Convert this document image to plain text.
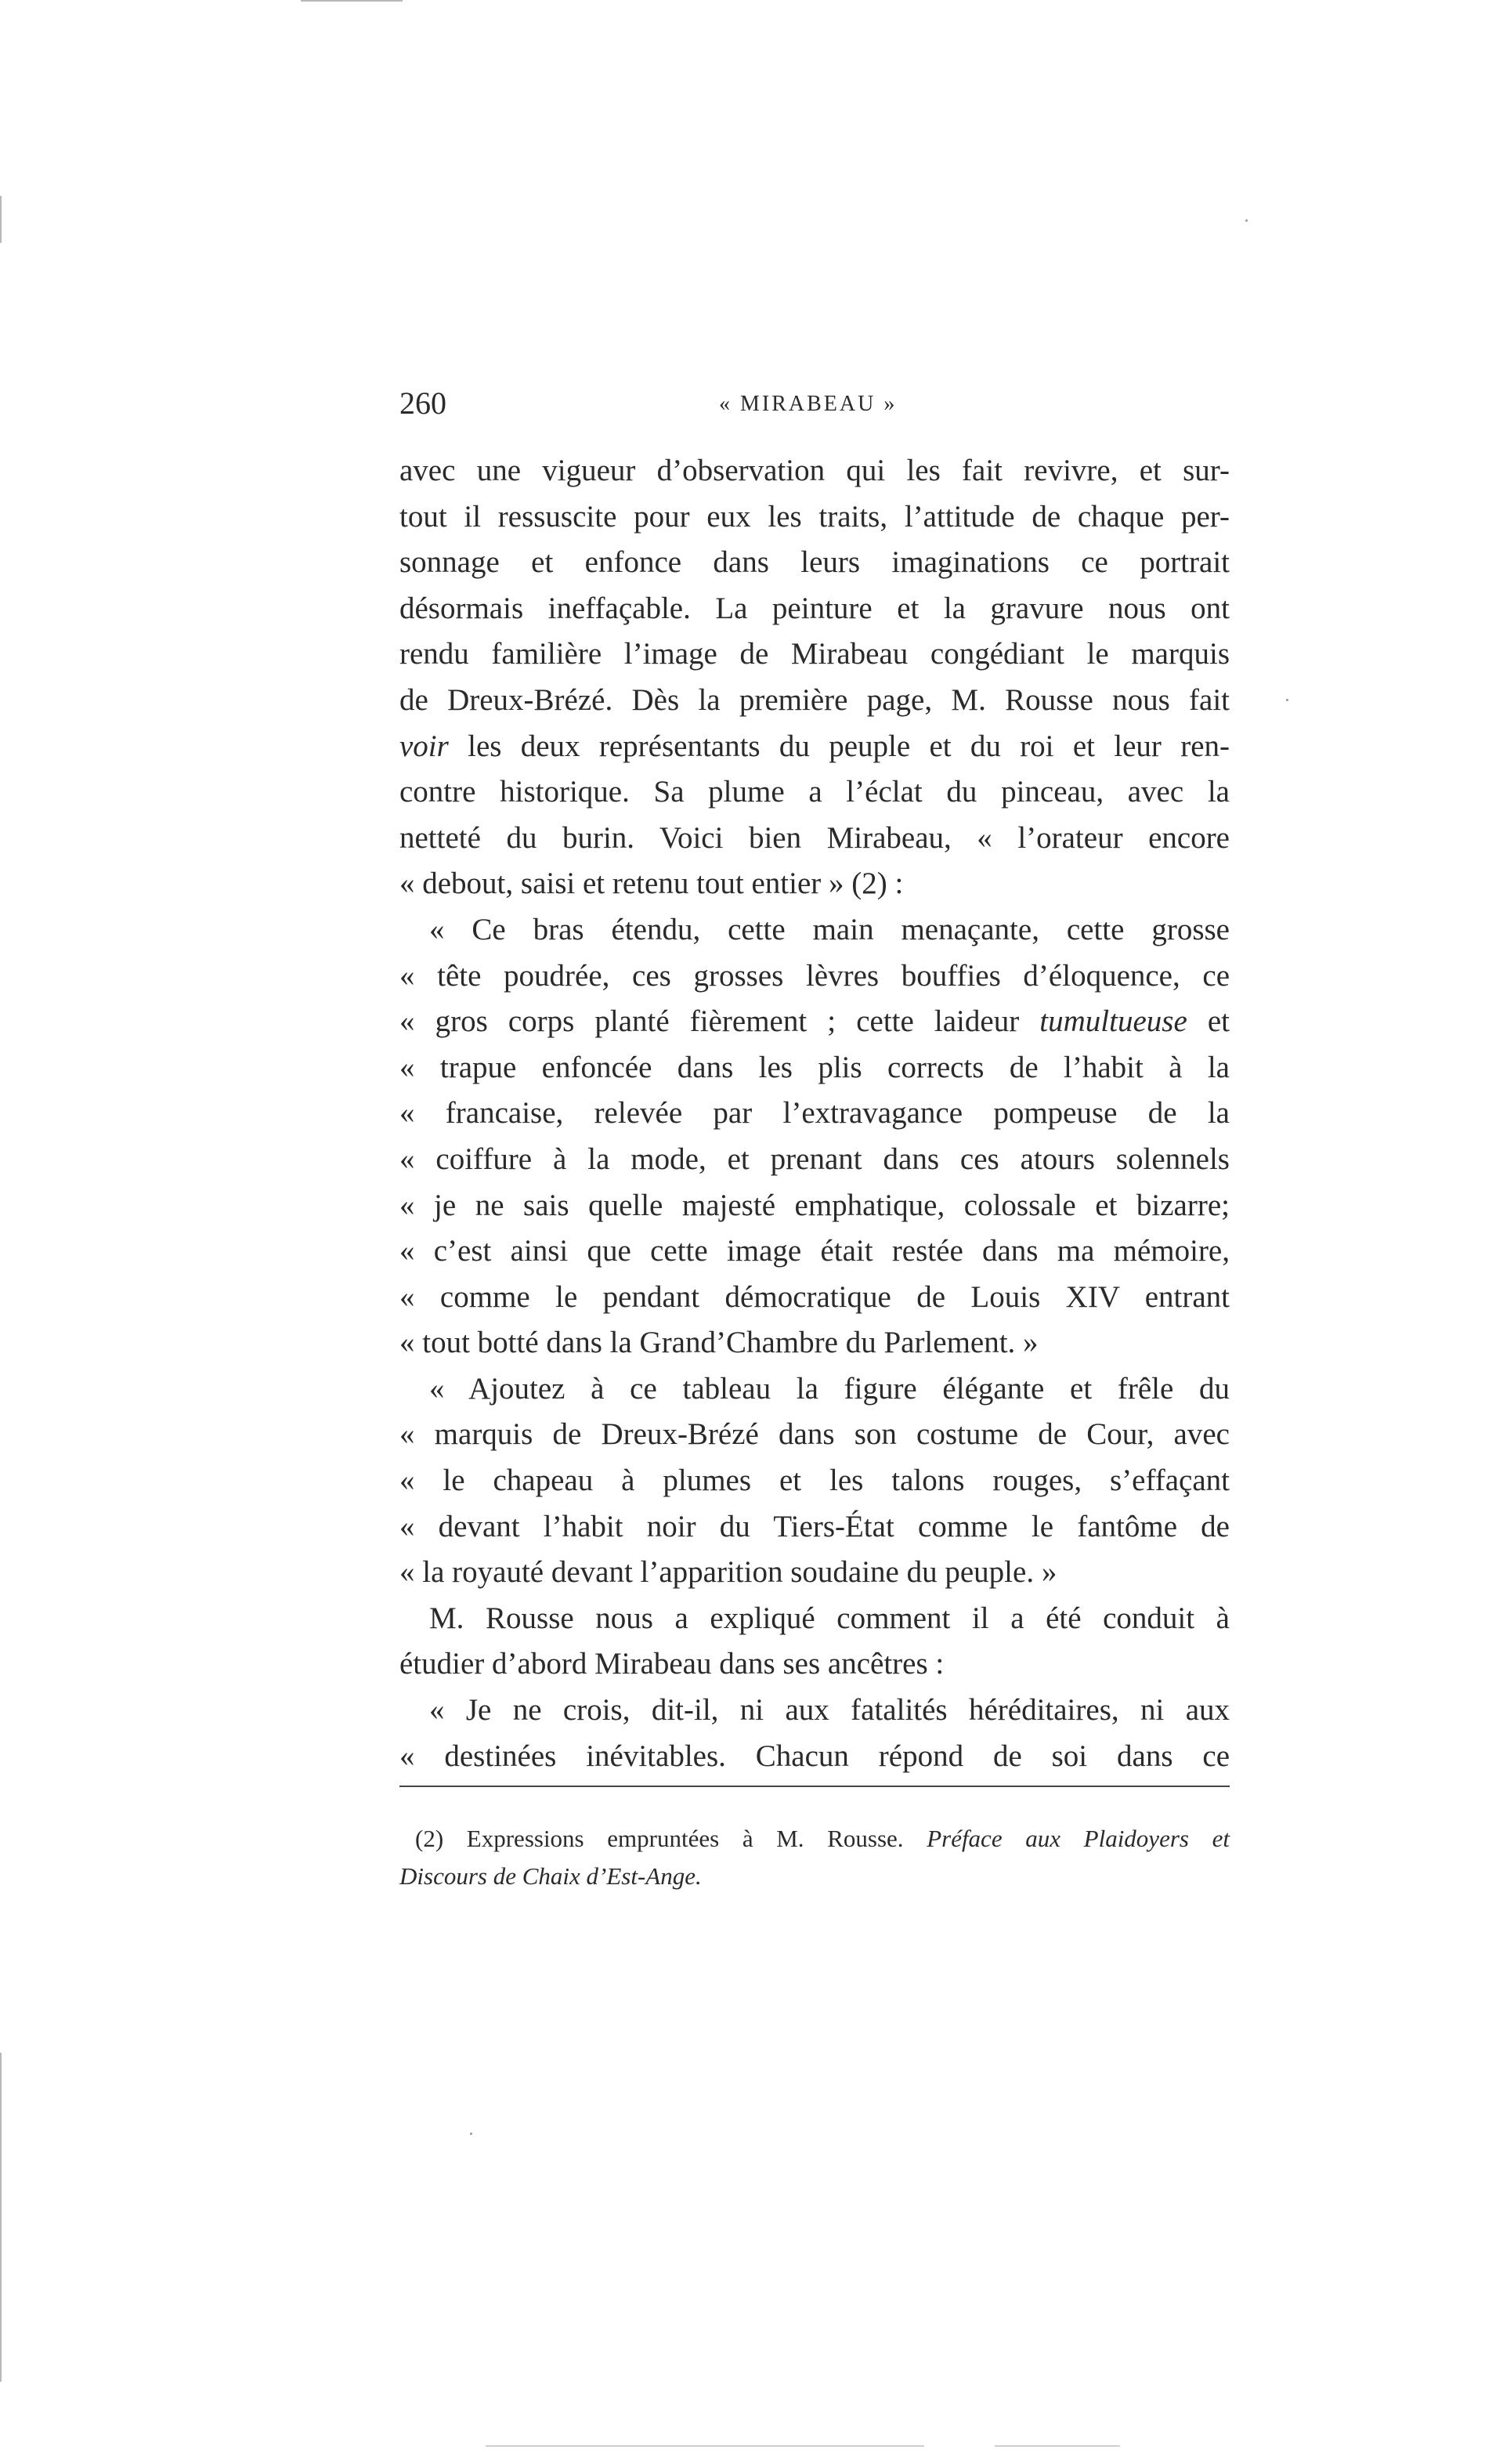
260	« MIRABEAU »
avec une vigueur d’observation qui les fait revivre, et sur-
tout il ressuscite pour eux les traits, l’attitude de chaque per-
sonnage et enfonce dans leurs imaginations ce portrait
désormais ineffaçable. La peinture et la gravure nous ont
rendu familière l’image de Mirabeau congédiant le marquis
de Dreux-Brézé. Dès la première page, M. Rousse nous fait
voir les deux représentants du peuple et du roi et leur ren-
contre historique. Sa plume a l’éclat du pinceau, avec la
netteté du burin. Voici bien Mirabeau, « l’orateur encore
« debout, saisi et retenu tout entier » (2) :
« Ce bras étendu, cette main menaçante, cette grosse
« tête poudrée, ces grosses lèvres bouffies d’éloquence, ce
« gros corps planté fièrement ; cette laideur tumultueuse et
« trapue enfoncée dans les plis corrects de l’habit à la
« francaise, relevée par l’extravagance pompeuse de la
« coiffure à la mode, et prenant dans ces atours solennels
« je ne sais quelle majesté emphatique, colossale et bizarre;
« c’est ainsi que cette image était restée dans ma mémoire,
« comme le pendant démocratique de Louis XIV entrant
« tout botté dans la Grand’Chambre du Parlement. »
« Ajoutez à ce tableau la figure élégante et frêle du
« marquis de Dreux-Brézé dans son costume de Cour, avec
« le chapeau à plumes et les talons rouges, s’effaçant
« devant l’habit noir du Tiers-État comme le fantôme de
« la royauté devant l’apparition soudaine du peuple. »
M. Rousse nous a expliqué comment il a été conduit à
étudier d’abord Mirabeau dans ses ancêtres :
« Je ne crois, dit-il, ni aux fatalités héréditaires, ni aux
« destinées inévitables. Chacun répond de soi dans ce
(2) Expressions empruntées à M. Rousse. Préface aux Plaidoyers et
Discours de Chaix d’Est-Ange.
